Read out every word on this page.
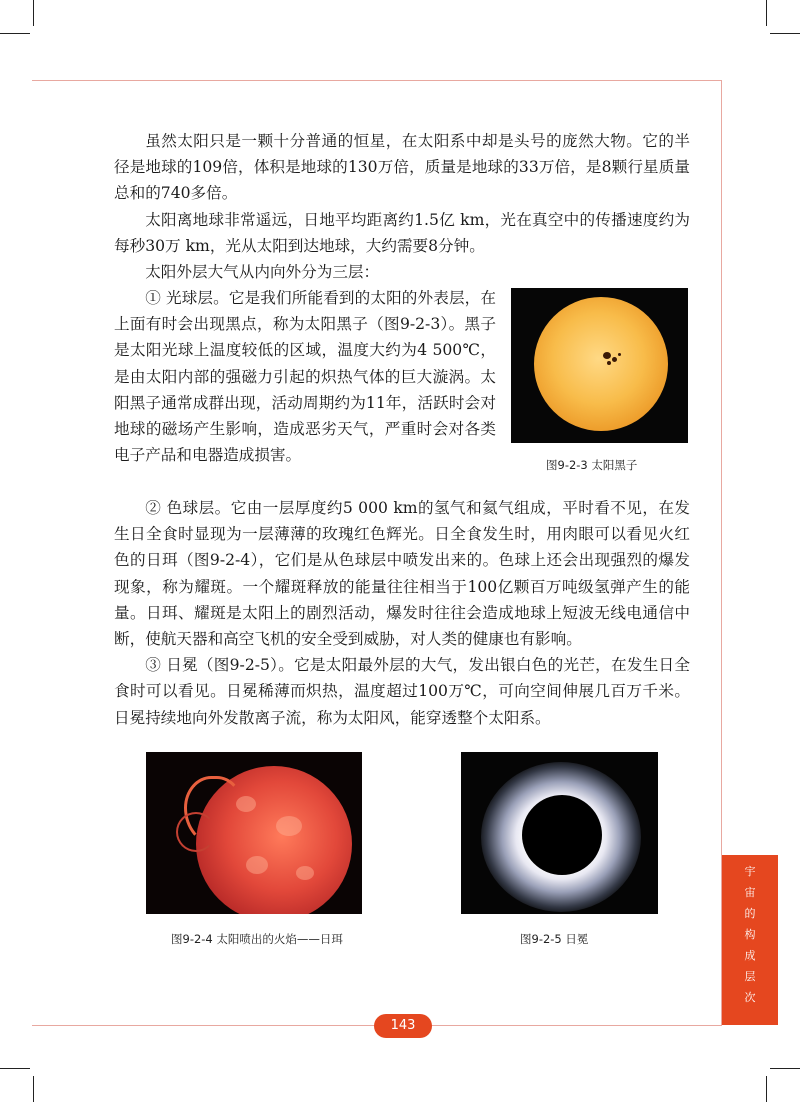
虽然太阳只是一颗十分普通的恒星，在太阳系中却是头号的庞然大物。它的半径是地球的109倍，体积是地球的130万倍，质量是地球的33万倍，是8颗行星质量总和的740多倍。

太阳离地球非常遥远，日地平均距离约1.5亿 km，光在真空中的传播速度约为每秒30万 km，光从太阳到达地球，大约需要8分钟。

太阳外层大气从内向外分为三层：

① 光球层。它是我们所能看到的太阳的外表层，在上面有时会出现黑点，称为太阳黑子（图9-2-3）。黑子是太阳光球上温度较低的区域，温度大约为4 500℃，是由太阳内部的强磁力引起的炽热气体的巨大漩涡。太阳黑子通常成群出现，活动周期约为11年，活跃时会对地球的磁场产生影响，造成恶劣天气，严重时会对各类电子产品和电器造成损害。

图9-2-3 太阳黑子

② 色球层。它由一层厚度约5 000 km的氢气和氦气组成，平时看不见，在发生日全食时显现为一层薄薄的玫瑰红色辉光。日全食发生时，用肉眼可以看见火红色的日珥（图9-2-4），它们是从色球层中喷发出来的。色球上还会出现强烈的爆发现象，称为耀斑。一个耀斑释放的能量往往相当于100亿颗百万吨级氢弹产生的能量。日珥、耀斑是太阳上的剧烈活动，爆发时往往会造成地球上短波无线电通信中断，使航天器和高空飞机的安全受到威胁，对人类的健康也有影响。

③ 日冕（图9-2-5）。它是太阳最外层的大气，发出银白色的光芒，在发生日全食时可以看见。日冕稀薄而炽热，温度超过100万℃，可向空间伸展几百万千米。日冕持续地向外发散离子流，称为太阳风，能穿透整个太阳系。

图9-2-4 太阳喷出的火焰——日珥	图9-2-5 日冕
宇
宙
的
构
成
层
次
143
